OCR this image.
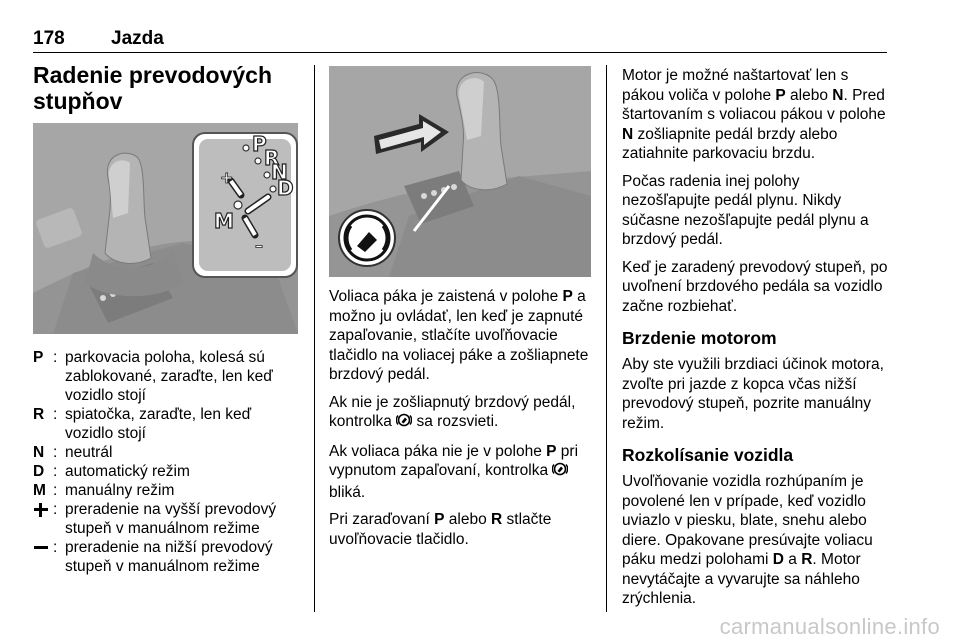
178 Jazda
Radenie prevodových stupňov
P
R
N
D
M
+
–
P : parkovacia poloha, kolesá sú zablokované, zaraďte, len keď vozidlo stojí
R : spiatočka, zaraďte, len keď vozidlo stojí
N : neutrál
D : automatický režim
M : manuálny režim
: preradenie na vyšší prevodový stupeň v manuálnom režime
: preradenie na nižší prevodový stupeň v manuálnom režime

Voliaca páka je zaistená v polohe P a možno ju ovládať, len keď je zapnuté zapaľovanie, stlačíte uvoľňovacie tlačidlo na voliacej páke a zošliapnete brzdový pedál.

Ak nie je zošliapnutý brzdový pedál, kontrolka  sa rozsvieti.

Ak voliaca páka nie je v polohe P pri vypnutom zapaľovaní, kontrolka  bliká.

Pri zaraďovaní P alebo R stlačte uvoľňovacie tlačidlo.

Motor je možné naštartovať len s pákou voliča v polohe P alebo N. Pred štartovaním s voliacou pákou v polohe N zošliapnite pedál brzdy alebo zatiahnite parkovaciu brzdu.

Počas radenia inej polohy nezošľapujte pedál plynu. Nikdy súčasne nezošľapujte pedál plynu a brzdový pedál.

Keď je zaradený prevodový stupeň, po uvoľnení brzdového pedála sa vozidlo začne rozbiehať.

Brzdenie motorom

Aby ste využili brzdiaci účinok motora, zvoľte pri jazde z kopca včas nižší prevodový stupeň, pozrite manuálny režim.

Rozkolísanie vozidla

Uvoľňovanie vozidla rozhúpaním je povolené len v prípade, keď vozidlo uviazlo v piesku, blate, snehu alebo diere. Opakovane presúvajte voliacu páku medzi polohami D a R. Motor nevytáčajte a vyvarujte sa náhleho zrýchlenia.

carmanualsonline.info
